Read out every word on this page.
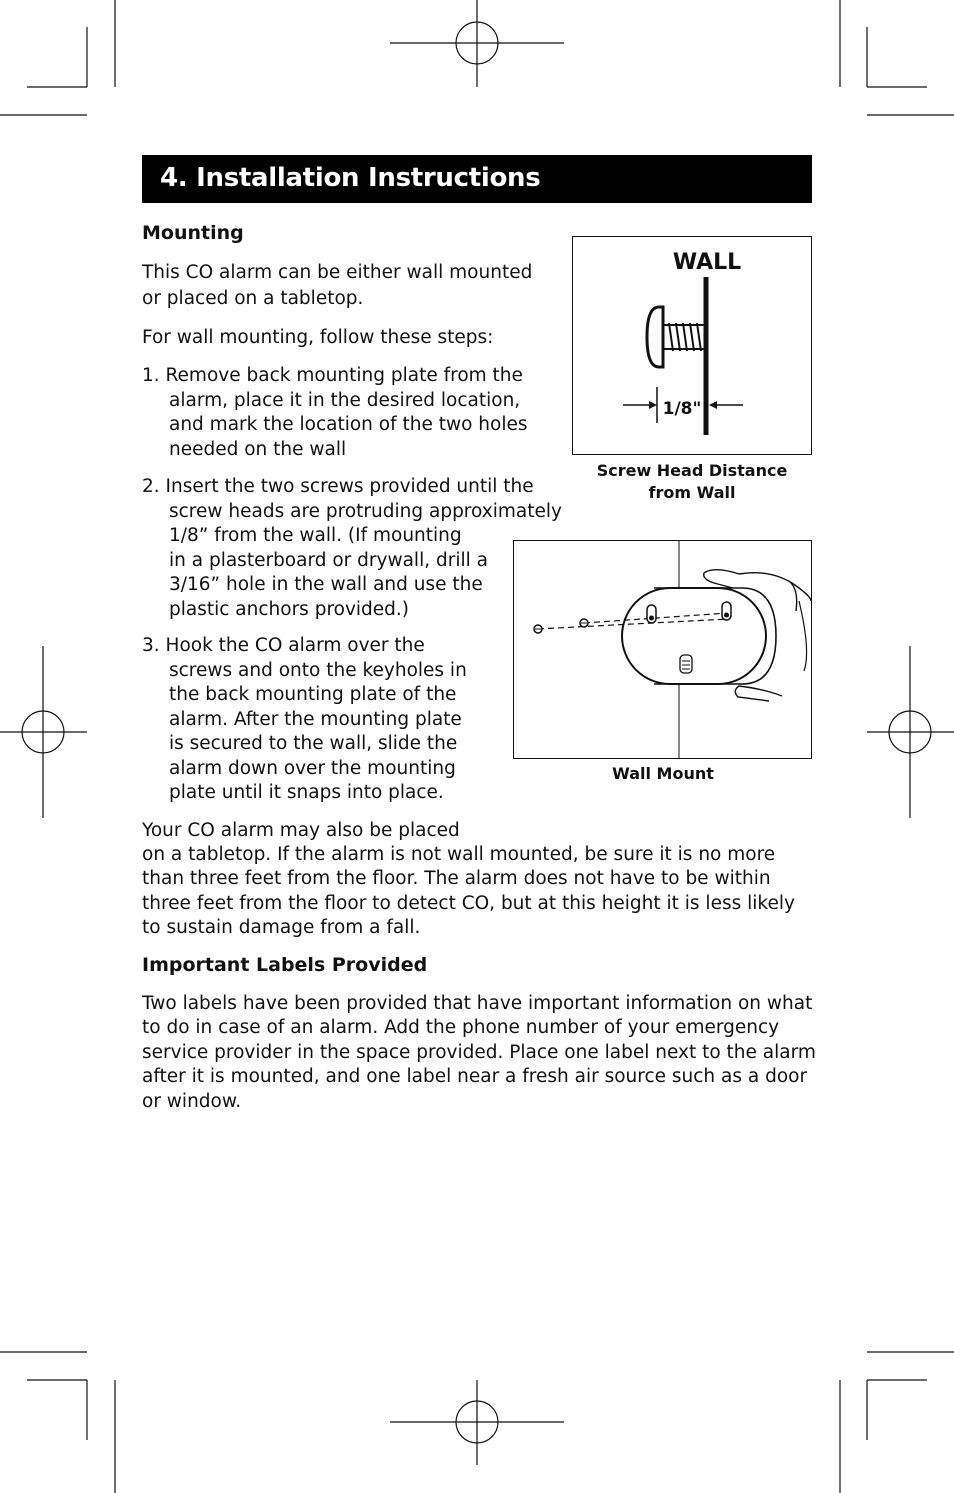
4. Installation Instructions
Mounting
This CO alarm can be either wall mounted
or placed on a tabletop.
For wall mounting, follow these steps:
1. Remove back mounting plate from the
alarm, place it in the desired location,
and mark the location of the two holes
needed on the wall
2. Insert the two screws provided until the
screw heads are protruding approximately
1/8” from the wall. (If mounting
in a plasterboard or drywall, drill a
3/16” hole in the wall and use the
plastic anchors provided.)
3. Hook the CO alarm over the
screws and onto the keyholes in
the back mounting plate of the
alarm. After the mounting plate
is secured to the wall, slide the
alarm down over the mounting
plate until it snaps into place.
Your CO alarm may also be placed
on a tabletop. If the alarm is not wall mounted, be sure it is no more
than three feet from the floor. The alarm does not have to be within
three feet from the floor to detect CO, but at this height it is less likely
to sustain damage from a fall.
Important Labels Provided
Two labels have been provided that have important information on what
to do in case of an alarm. Add the phone number of your emergency
service provider in the space provided. Place one label next to the alarm
after it is mounted, and one label near a fresh air source such as a door
or window.
WALL
1/8"
Screw Head Distance
from Wall
Wall Mount
